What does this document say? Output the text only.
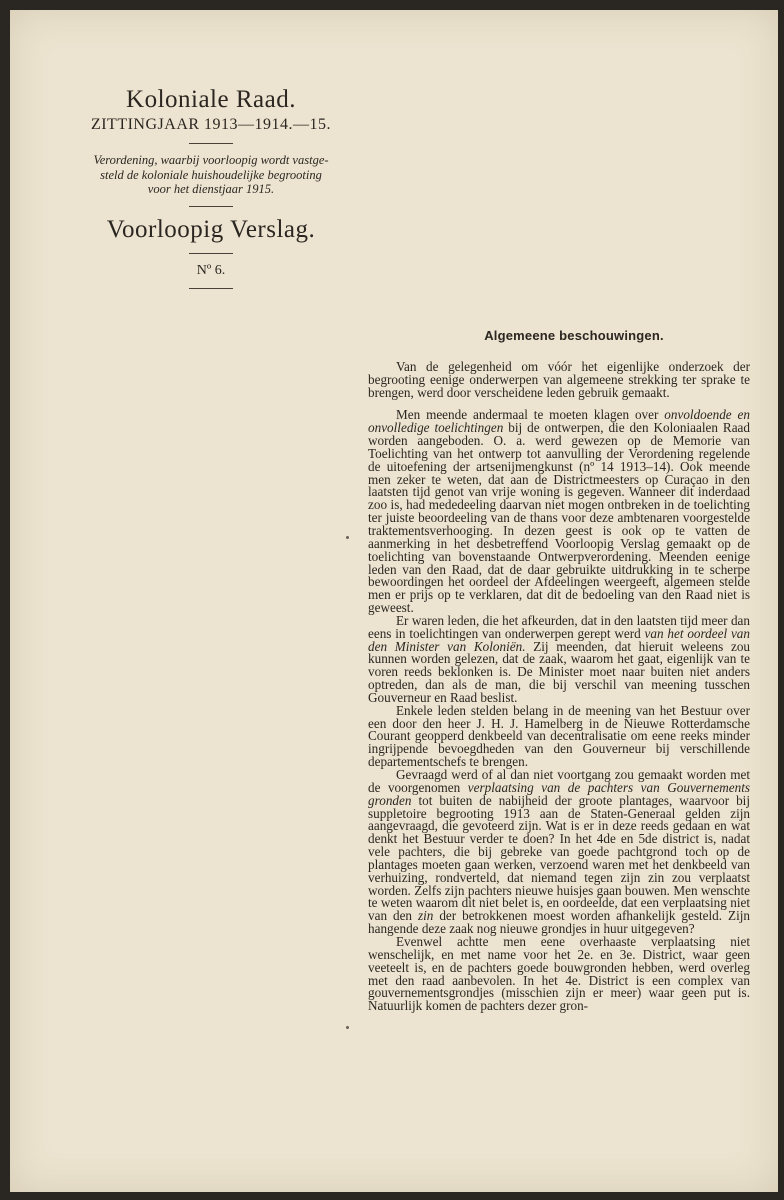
Koloniale Raad.
ZITTINGJAAR 1913—1914.—15.
Verordening, waarbij voorloopig wordt vastge-
steld de koloniale huishoudelijke begrooting
voor het dienstjaar 1915.
Voorloopig Verslag.
Nº 6.
Algemeene beschouwingen.

Van de gelegenheid om vóór het eigenlijke onderzoek der begrooting eenige onderwerpen van algemeene strekking ter sprake te brengen, werd door verscheidene leden gebruik gemaakt.

Men meende andermaal te moeten klagen over onvoldoende en onvolledige toelichtingen bij de ontwerpen, die den Koloniaalen Raad worden aangeboden. O. a. werd gewezen op de Memorie van Toelichting van het ontwerp tot aanvulling der Verordening regelende de uitoefening der artsenijmengkunst (nº 14 1913–14). Ook meende men zeker te weten, dat aan de Districtmeesters op Curaçao in den laatsten tijd genot van vrije woning is gegeven. Wanneer dit inderdaad zoo is, had mededeeling daarvan niet mogen ontbreken in de toelichting ter juiste beoordeeling van de thans voor deze ambtenaren voorgestelde traktementsverhooging. In dezen geest is ook op te vatten de aanmerking in het desbetreffend Voorloopig Verslag gemaakt op de toelichting van bovenstaande Ontwerpverordening. Meenden eenige leden van den Raad, dat de daar gebruikte uitdrukking in te scherpe bewoordingen het oordeel der Afdeelingen weergeeft, algemeen stelde men er prijs op te verklaren, dat dit de bedoeling van den Raad niet is geweest.

Er waren leden, die het afkeurden, dat in den laatsten tijd meer dan eens in toelichtingen van onderwerpen gerept werd van het oordeel van den Minister van Koloniën. Zij meenden, dat hieruit weleens zou kunnen worden gelezen, dat de zaak, waarom het gaat, eigenlijk van te voren reeds beklonken is. De Minister moet naar buiten niet anders optreden, dan als de man, die bij verschil van meening tusschen Gouverneur en Raad beslist.

Enkele leden stelden belang in de meening van het Bestuur over een door den heer J. H. J. Hamelberg in de Nieuwe Rotterdamsche Courant geopperd denkbeeld van decentralisatie om eene reeks minder ingrijpende bevoegdheden van den Gouverneur bij verschillende departementschefs te brengen.

Gevraagd werd of al dan niet voortgang zou gemaakt worden met de voorgenomen verplaatsing van de pachters van Gouvernements gronden tot buiten de nabijheid der groote plantages, waarvoor bij suppletoire begrooting 1913 aan de Staten-Generaal gelden zijn aangevraagd, die gevoteerd zijn. Wat is er in deze reeds gedaan en wat denkt het Bestuur verder te doen? In het 4de en 5de district is, nadat vele pachters, die bij gebreke van goede pachtgrond toch op de plantages moeten gaan werken, verzoend waren met het denkbeeld van verhuizing, rondverteld, dat niemand tegen zijn zin zou verplaatst worden. Zelfs zijn pachters nieuwe huisjes gaan bouwen. Men wenschte te weten waarom dit niet belet is, en oordeelde, dat een verplaatsing niet van den zin der betrokkenen moest worden afhankelijk gesteld. Zijn hangende deze zaak nog nieuwe grondjes in huur uitgegeven?

Evenwel achtte men eene overhaaste verplaatsing niet wenschelijk, en met name voor het 2e. en 3e. District, waar geen veeteelt is, en de pachters goede bouwgronden hebben, werd overleg met den raad aanbevolen. In het 4e. District is een complex van gouvernementsgrondjes (misschien zijn er meer) waar geen put is. Natuurlijk komen de pachters dezer gron-
